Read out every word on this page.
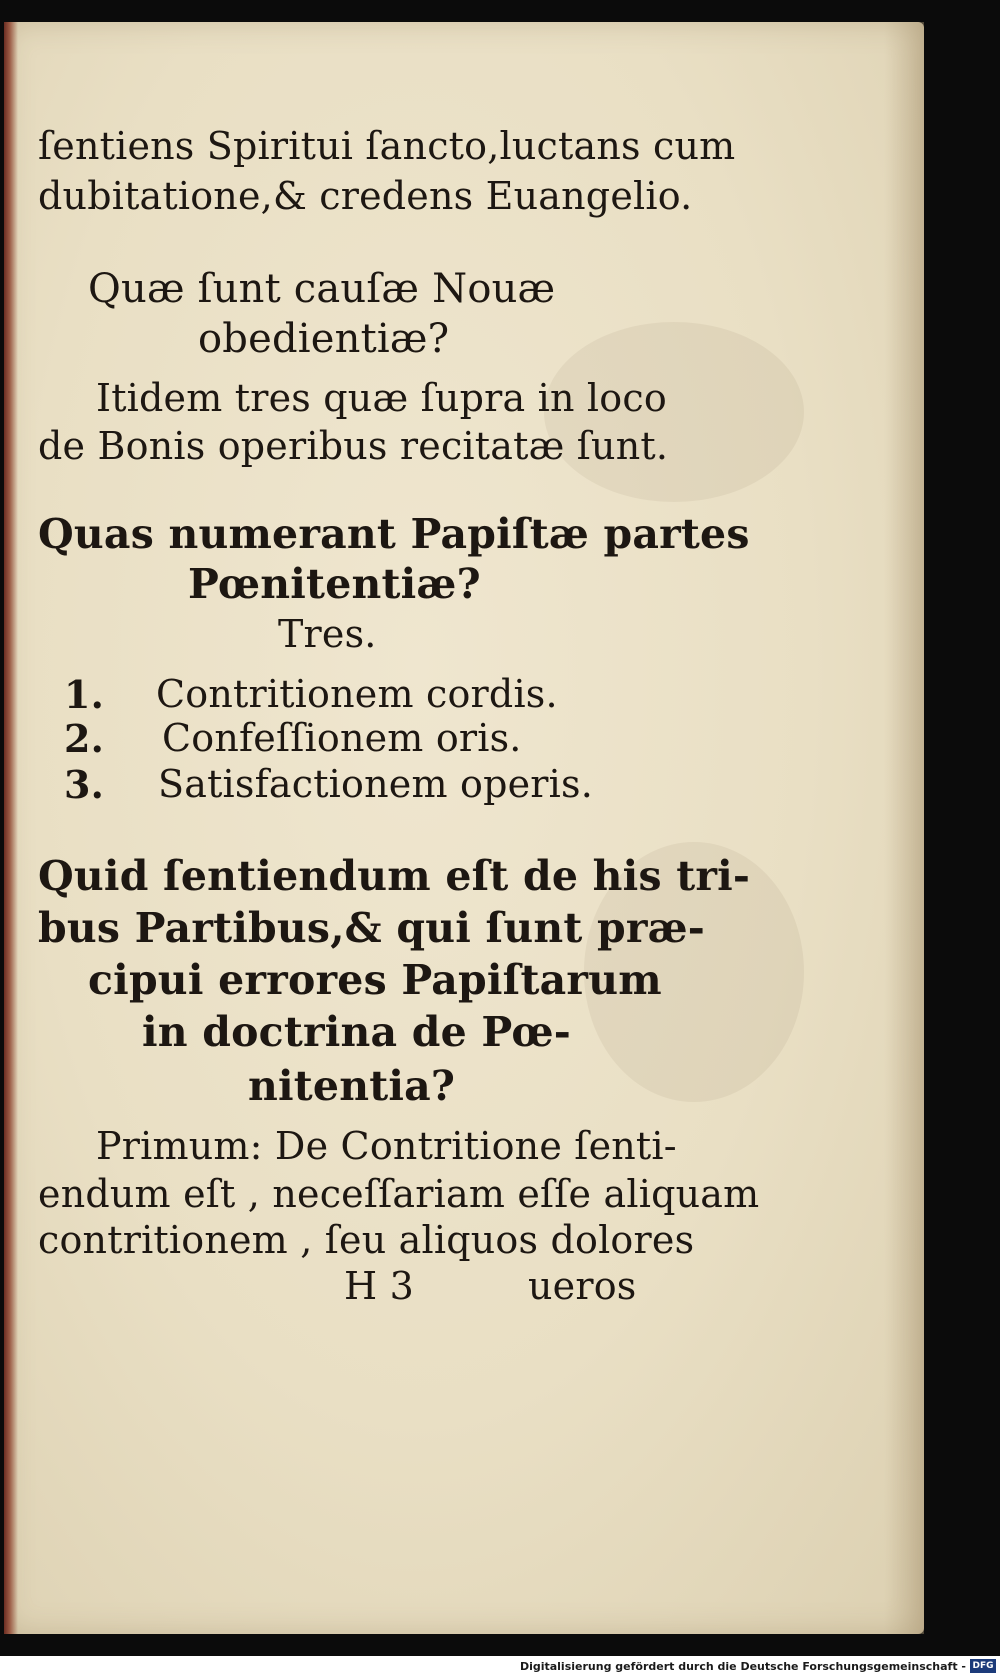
ſentiens Spiritui ſancto,luctans cum
dubitatione,& credens Euangelio.
Quæ ſunt cauſæ Nouæ
obedientiæ?
Itidem tres quæ ſupra in loco
de Bonis operibus recitatæ ſunt.
Quas numerant Papiſtæ partes
Pœnitentiæ?
Tres.
1. Contritionem cordis.
2. Confeſſionem oris.
3. Satisfactionem operis.
Quid ſentiendum eſt de his tri-
bus Partibus,& qui ſunt præ-
cipui errores Papiſtarum
in doctrina de Pœ-
nitentia?
Primum: De Contritione ſenti-
endum eſt , neceſſariam eſſe aliquam
contritionem , ſeu aliquos dolores
H 3	ueros
Digitalisierung gefördert durch die Deutsche Forschungsgemeinschaft - DFG
